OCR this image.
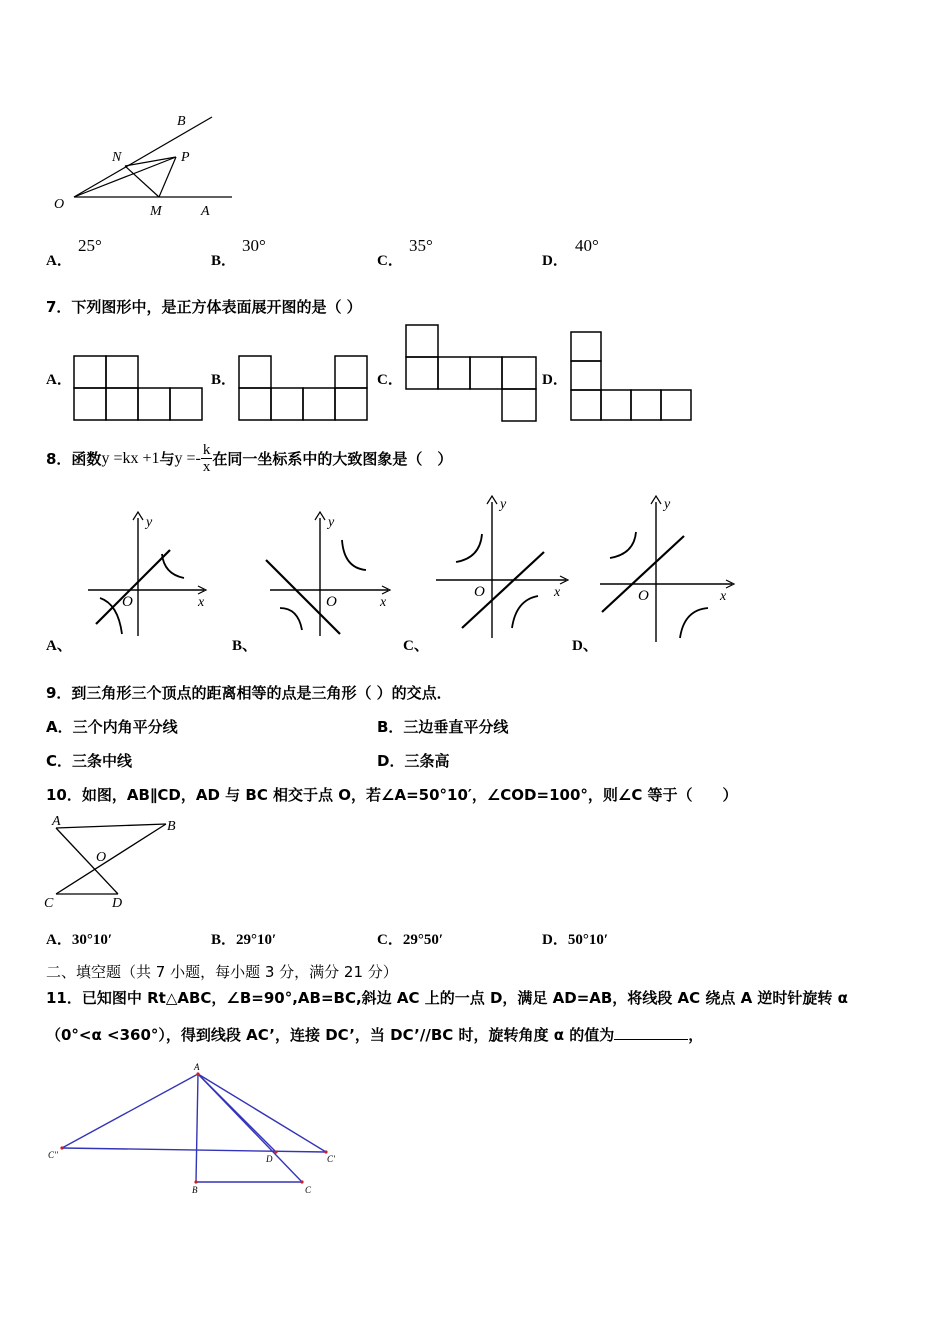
O	M	A
N	P
B
A．
25°
B．
30°
C．
35°
D．
40°
7．下列图形中，是正方体表面展开图的是（ ）
A．	B．	C．	D．
8．函数 y =kx +1 与 $y =- \frac{k}{x}$ 在同一坐标系中的大致图象是（　）
y
x
O
A、
y
x
O
B、
y
x
O
C、
y
x
O
D、
9．到三角形三个顶点的距离相等的点是三角形（ ）的交点．
A．三个内角平分线	B．三边垂直平分线
C．三条中线	D．三条高
10．如图，AB∥CD，AD 与 BC 相交于点 O，若∠A=50°10′，∠COD=100°，则∠C 等于（　　）
A	B
O
C	D
A．30°10′	B．29°10′	C．29°50′	D．50°10′
二、填空题（共 7 小题，每小题 3 分，满分 21 分）
11．已知图中 Rt△ABC，∠B=90°,AB=BC,斜边 AC 上的一点 D，满足 AD=AB，将线段 AC 绕点 A 逆时针旋转 α
（0°<α <360°），得到线段 AC’，连接 DC’，当 DC’//BC 时，旋转角度 α 的值为	，
A
C''	C'
D
B	C
